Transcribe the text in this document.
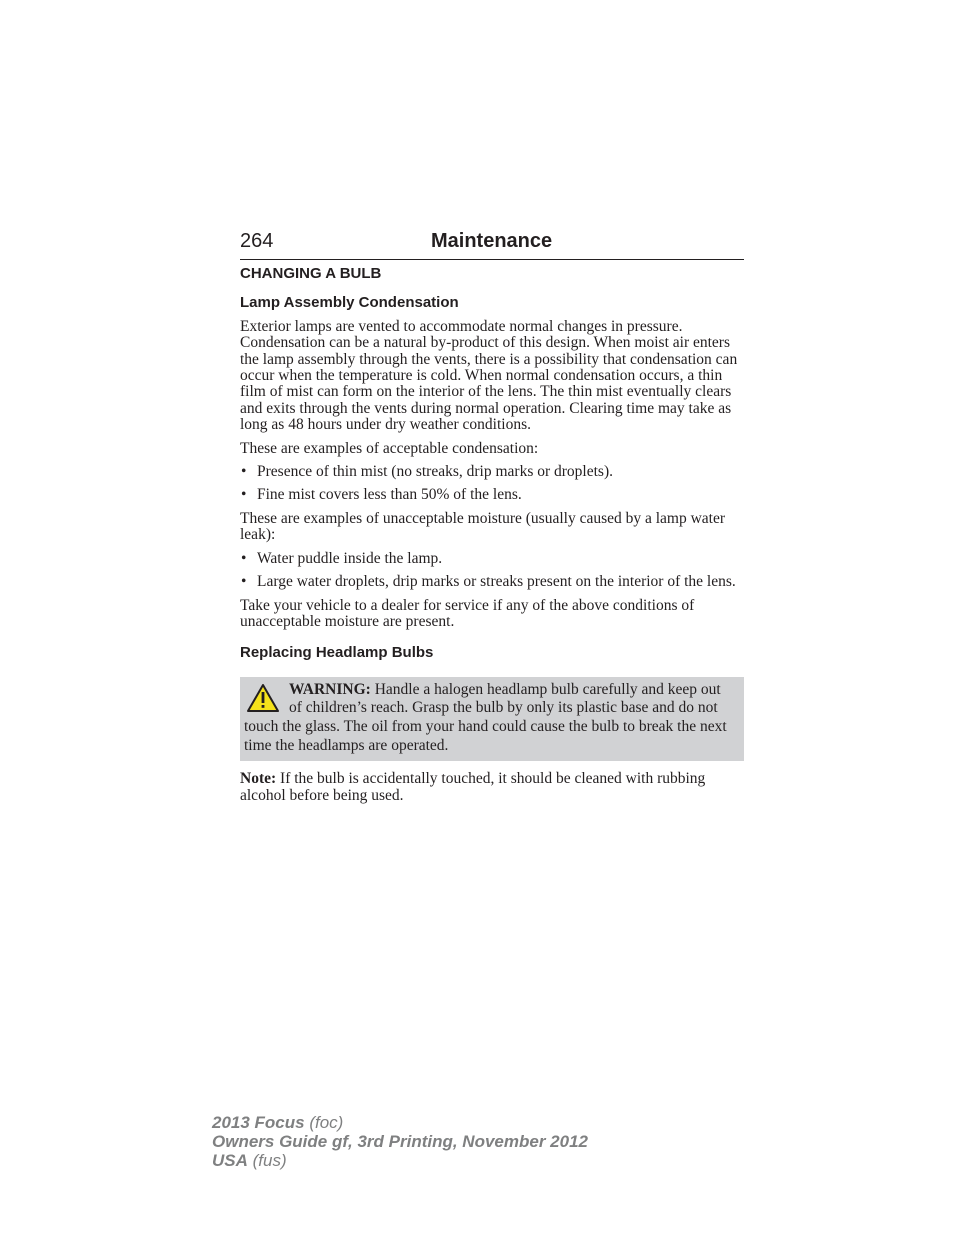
264	Maintenance
CHANGING A BULB
Lamp Assembly Condensation

Exterior lamps are vented to accommodate normal changes in pressure. Condensation can be a natural by-product of this design. When moist air enters the lamp assembly through the vents, there is a possibility that condensation can occur when the temperature is cold. When normal condensation occurs, a thin film of mist can form on the interior of the lens. The thin mist eventually clears and exits through the vents during normal operation. Clearing time may take as long as 48 hours under dry weather conditions.

These are examples of acceptable condensation:

• Presence of thin mist (no streaks, drip marks or droplets).
• Fine mist covers less than 50% of the lens.

These are examples of unacceptable moisture (usually caused by a lamp water leak):

• Water puddle inside the lamp.
• Large water droplets, drip marks or streaks present on the interior of the lens.

Take your vehicle to a dealer for service if any of the above conditions of unacceptable moisture are present.

Replacing Headlamp Bulbs
WARNING: Handle a halogen headlamp bulb carefully and keep out of children’s reach. Grasp the bulb by only its plastic base and do not touch the glass. The oil from your hand could cause the bulb to break the next time the headlamps are operated.

Note: If the bulb is accidentally touched, it should be cleaned with rubbing alcohol before being used.

2013 Focus (foc)
Owners Guide gf, 3rd Printing, November 2012
USA (fus)
